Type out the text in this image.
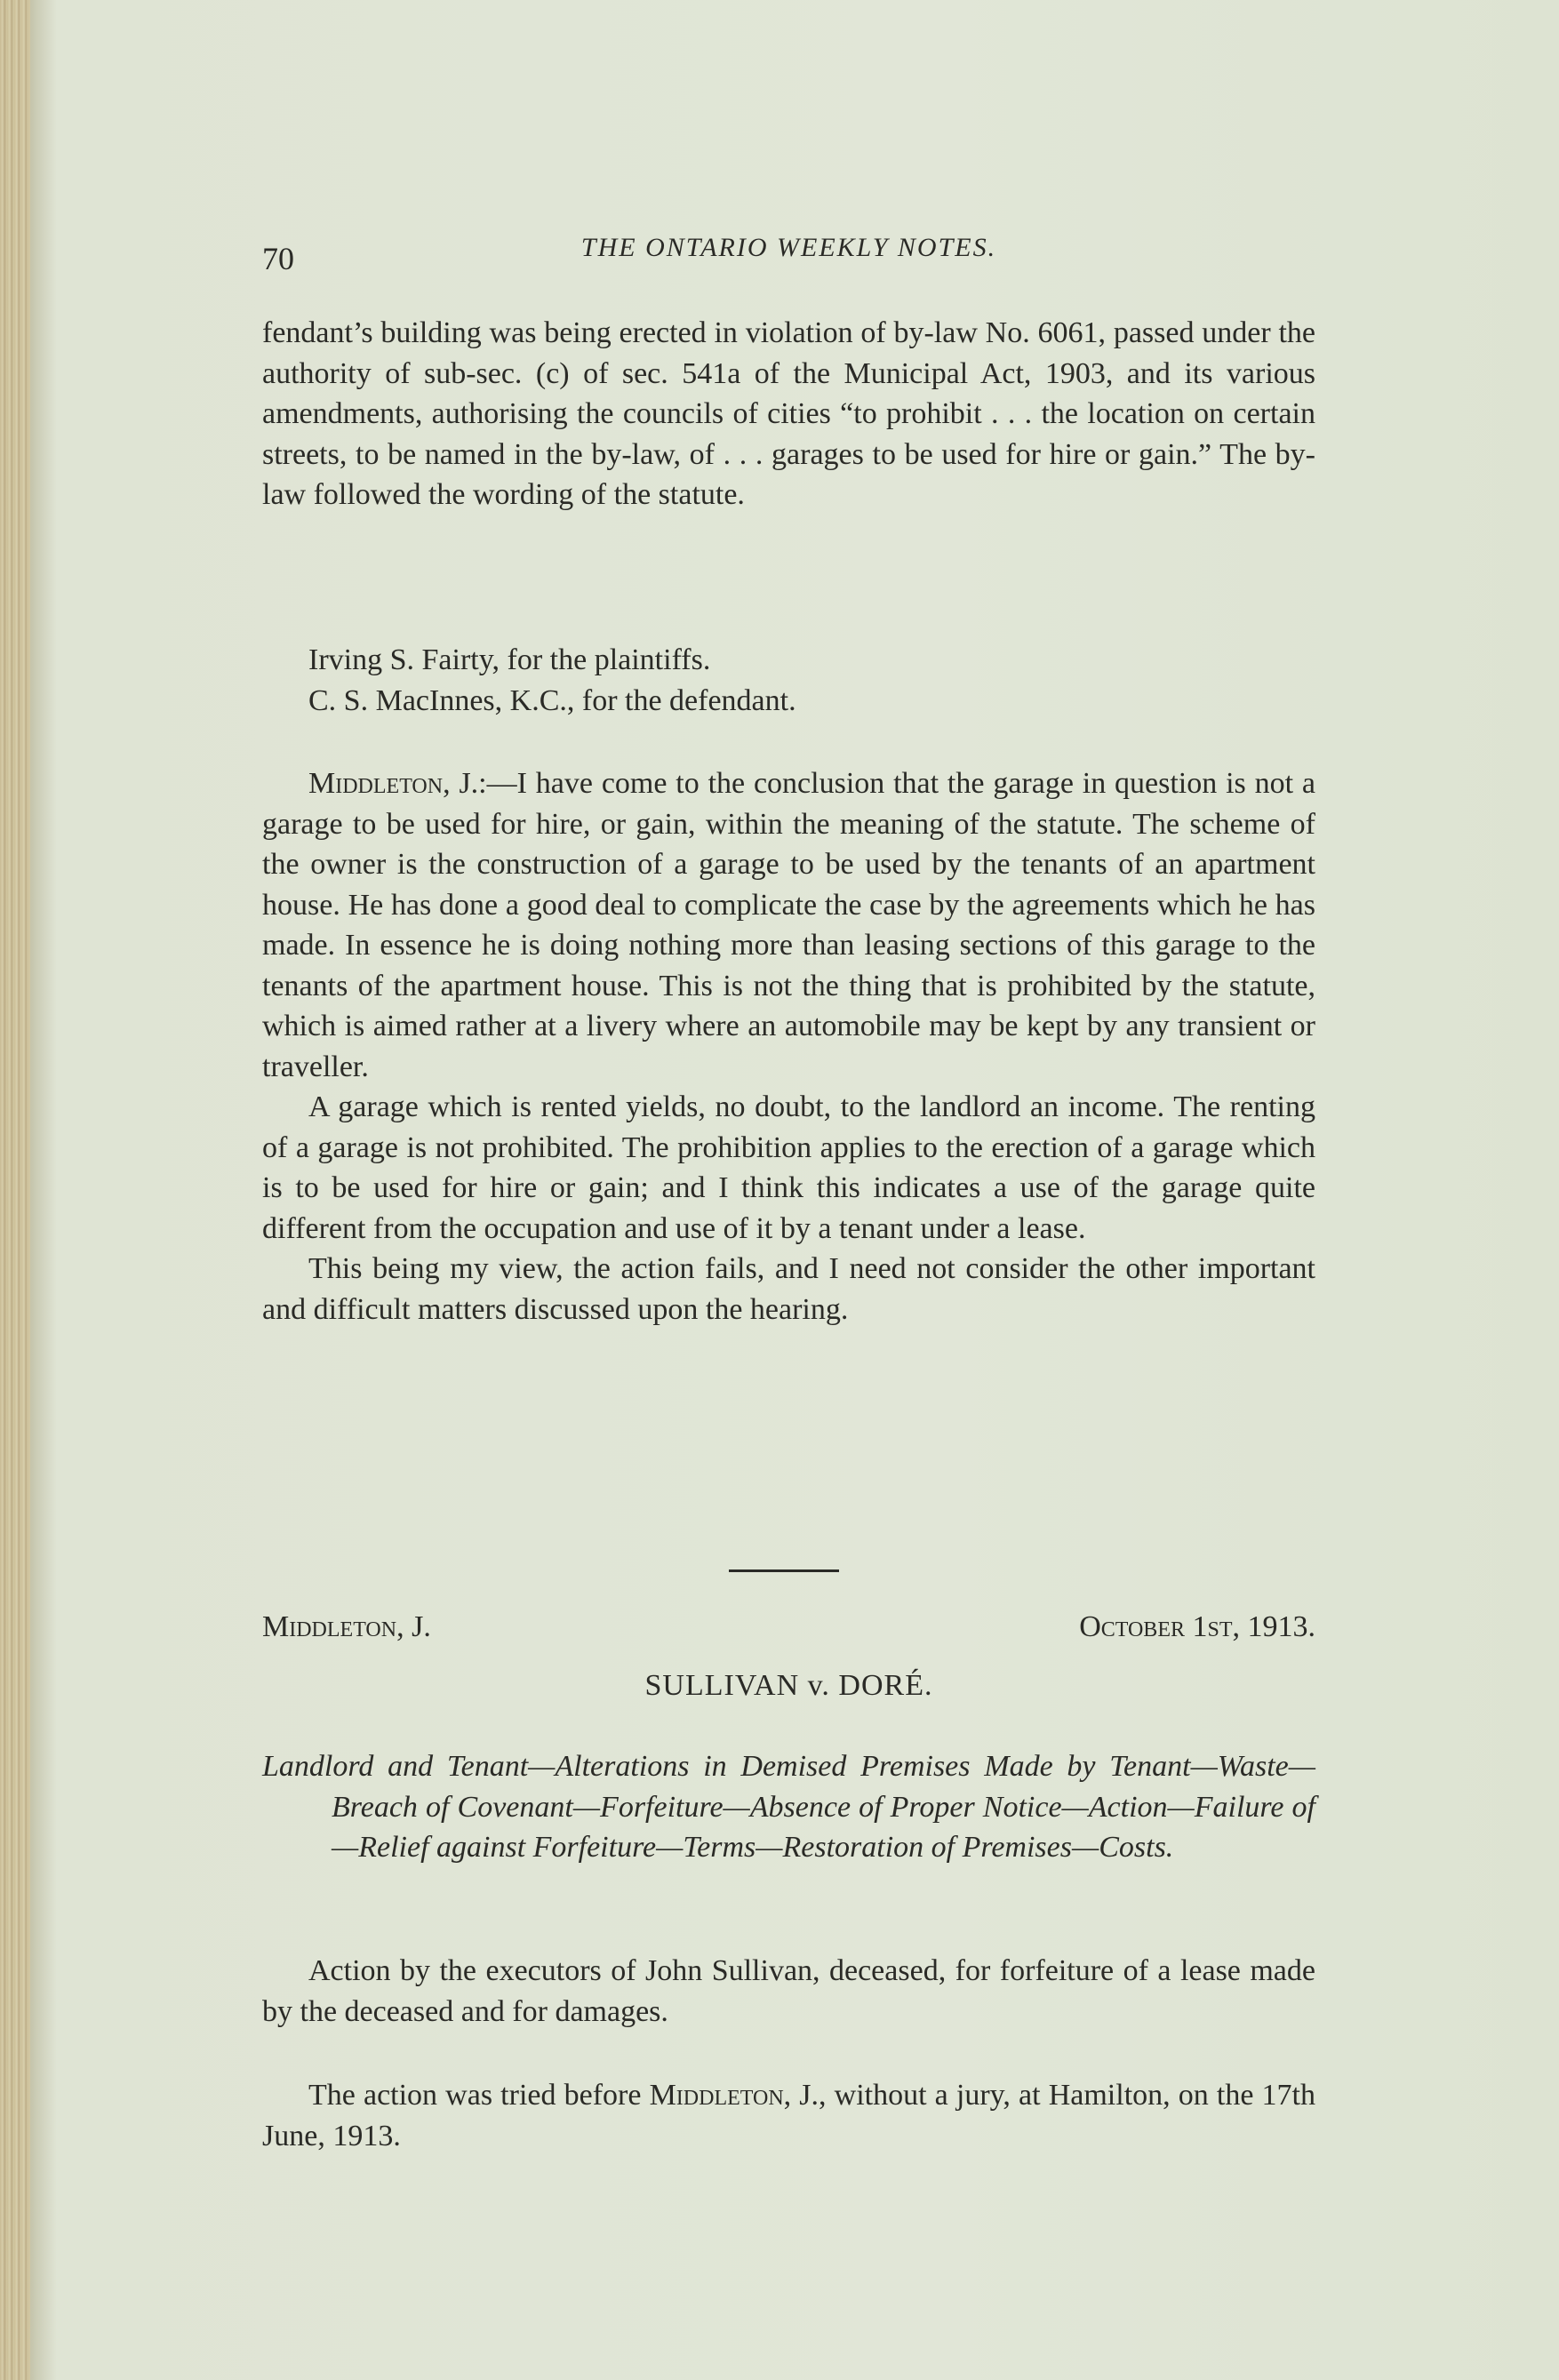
70	THE ONTARIO WEEKLY NOTES.

fendant’s building was being erected in violation of by-law No. 6061, passed under the authority of sub-sec. (c) of sec. 541a of the Municipal Act, 1903, and its various amendments, authorising the councils of cities “to prohibit . . . the location on certain streets, to be named in the by-law, of . . . garages to be used for hire or gain.” The by-law followed the wording of the statute.

Irving S. Fairty, for the plaintiffs.
C. S. MacInnes, K.C., for the defendant.

Middleton, J.:—I have come to the conclusion that the garage in question is not a garage to be used for hire, or gain, within the meaning of the statute. The scheme of the owner is the construction of a garage to be used by the tenants of an apartment house. He has done a good deal to complicate the case by the agreements which he has made. In essence he is doing nothing more than leasing sections of this garage to the tenants of the apartment house. This is not the thing that is prohibited by the statute, which is aimed rather at a livery where an automobile may be kept by any transient or traveller.

A garage which is rented yields, no doubt, to the landlord an income. The renting of a garage is not prohibited. The prohibition applies to the erection of a garage which is to be used for hire or gain; and I think this indicates a use of the garage quite different from the occupation and use of it by a tenant under a lease.

This being my view, the action fails, and I need not consider the other important and difficult matters discussed upon the hearing.

Middleton, J.	October 1st, 1913.
SULLIVAN v. DORÉ.
Landlord and Tenant—Alterations in Demised Premises Made by Tenant—Waste—Breach of Covenant—Forfeiture—Absence of Proper Notice—Action—Failure of—Relief against Forfeiture—Terms—Restoration of Premises—Costs.

Action by the executors of John Sullivan, deceased, for forfeiture of a lease made by the deceased and for damages.

The action was tried before Middleton, J., without a jury, at Hamilton, on the 17th June, 1913.
